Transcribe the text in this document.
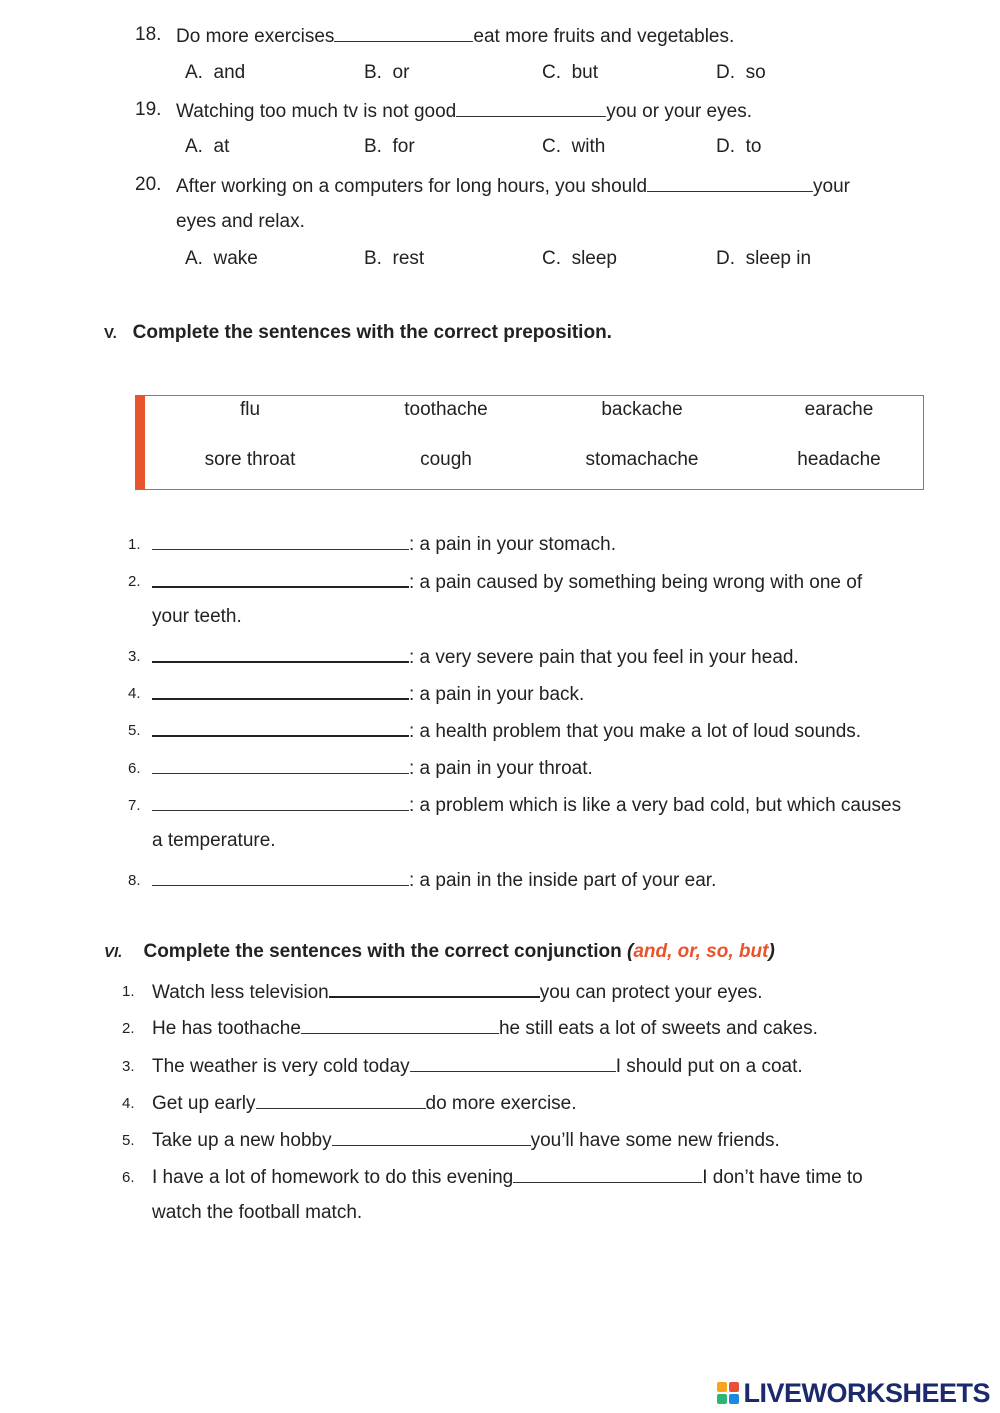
18. Do more exercises	eat more fruits and vegetables.
A. and	B. or	C. but	D. so
19. Watching too much tv is not good	you or your eyes.
A. at	B. for	C. with	D. to
20. After working on a computers for long hours, you should	your
eyes and relax.
A. wake	B. rest	C. sleep	D. sleep in
V. Complete the sentences with the correct preposition.
flu	toothache	backache	earache
sore throat	cough	stomachache	headache
1.	: a pain in your stomach.
2.	: a pain caused by something being wrong with one of
your teeth.
3.	: a very severe pain that you feel in your head.
4.	: a pain in your back.
5.	: a health problem that you make a lot of loud sounds.
6.	: a pain in your throat.
7.	: a problem which is like a very bad cold, but which causes
a temperature.
8.	: a pain in the inside part of your ear.
VI. Complete the sentences with the correct conjunction (and, or, so, but)
1. Watch less television	you can protect your eyes.
2. He has toothache	he still eats a lot of sweets and cakes.
3. The weather is very cold today	I should put on a coat.
4. Get up early	do more exercise.
5. Take up a new hobby	you’ll have some new friends.
6. I have a lot of homework to do this evening	I don’t have time to
watch the football match.
LIVEWORKSHEETS
